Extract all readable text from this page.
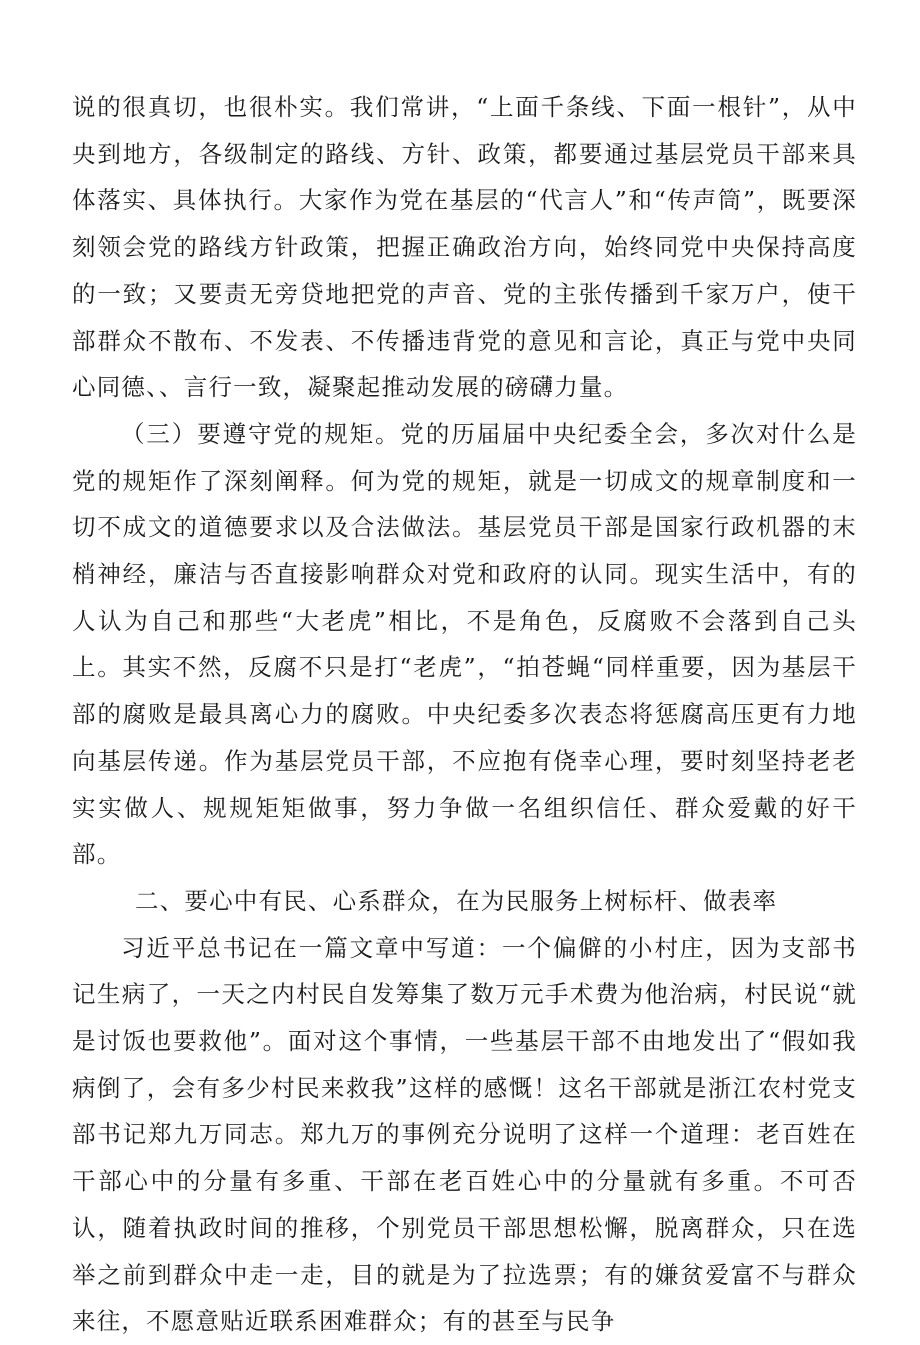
说的很真切，也很朴实。我们常讲，“上面千条线、下面一根针”，从中央到地方，各级制定的路线、方针、政策，都要通过基层党员干部来具体落实、具体执行。大家作为党在基层的“代言人”和“传声筒”，既要深刻领会党的路线方针政策，把握正确政治方向，始终同党中央保持高度的一致；又要责无旁贷地把党的声音、党的主张传播到千家万户，使干部群众不散布、不发表、不传播违背党的意见和言论，真正与党中央同心同德、、言行一致，凝聚起推动发展的磅礴力量。

（三）要遵守党的规矩。党的历届届中央纪委全会，多次对什么是党的规矩作了深刻阐释。何为党的规矩，就是一切成文的规章制度和一切不成文的道德要求以及合法做法。基层党员干部是国家行政机器的末梢神经，廉洁与否直接影响群众对党和政府的认同。现实生活中，有的人认为自己和那些“大老虎”相比，不是角色，反腐败不会落到自己头上。其实不然，反腐不只是打“老虎”，“拍苍蝇“同样重要，因为基层干部的腐败是最具离心力的腐败。中央纪委多次表态将惩腐高压更有力地向基层传递。作为基层党员干部，不应抱有侥幸心理，要时刻坚持老老实实做人、规规矩矩做事，努力争做一名组织信任、群众爱戴的好干部。

二、要心中有民、心系群众，在为民服务上树标杆、做表率

习近平总书记在一篇文章中写道：一个偏僻的小村庄，因为支部书记生病了，一天之内村民自发筹集了数万元手术费为他治病，村民说“就是讨饭也要救他”。面对这个事情，一些基层干部不由地发出了“假如我病倒了，会有多少村民来救我”这样的感慨！这名干部就是浙江农村党支部书记郑九万同志。郑九万的事例充分说明了这样一个道理：老百姓在干部心中的分量有多重、干部在老百姓心中的分量就有多重。不可否认，随着执政时间的推移，个别党员干部思想松懈，脱离群众，只在选举之前到群众中走一走，目的就是为了拉选票；有的嫌贫爱富不与群众来往，不愿意贴近联系困难群众；有的甚至与民争
